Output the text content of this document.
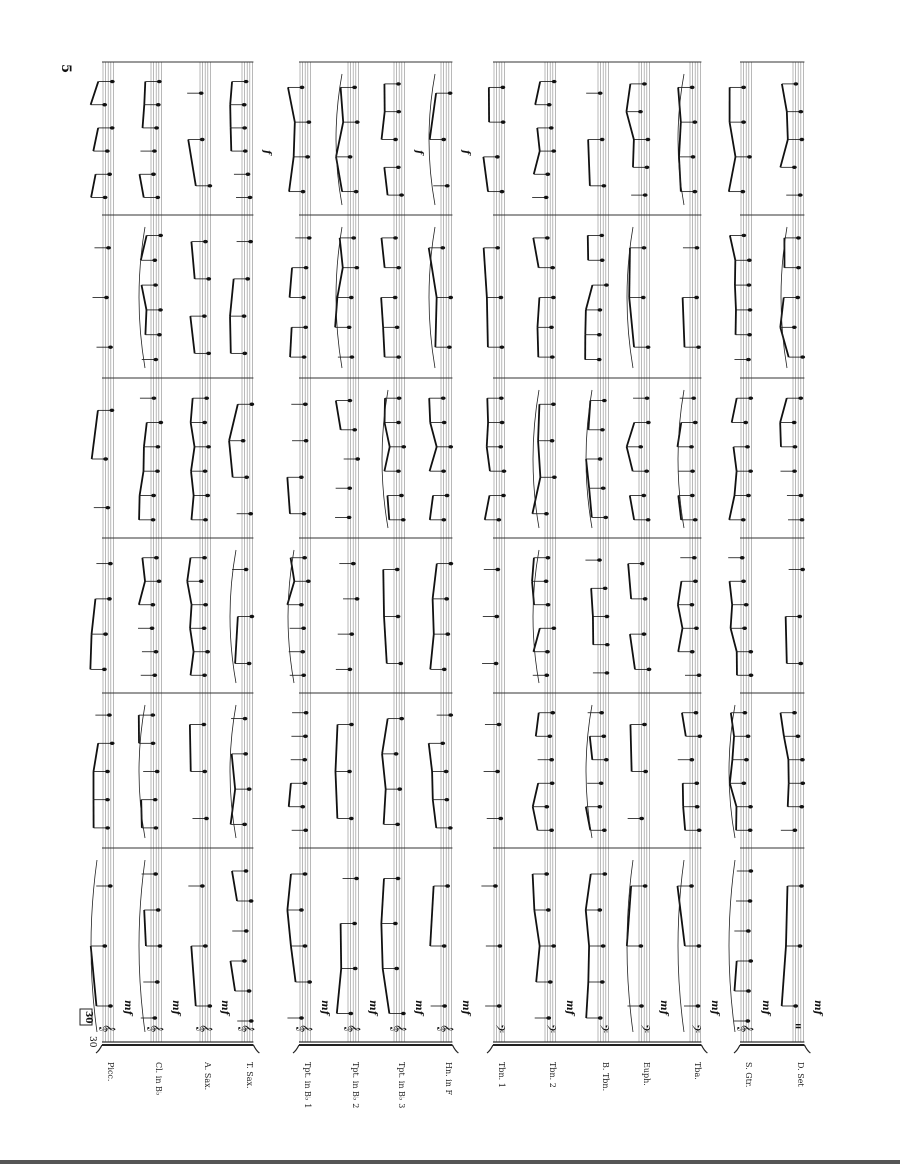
5
30
30
𝄞 𝄞 𝄞 𝄞	𝄞 𝄞 𝄞 𝄞	𝄢	𝄢	𝄢 𝄢	𝄢	𝄞	𝄥
mf	mf	mf	mf	mf	mf	mf	mf	mf	mf	mf	mf
f	f	f
Picc.	Cl. in B♭	A. Sax.	T. Sax.	Tpt. in B♭ 1	Tpt. in B♭ 2	Tpt. in B♭ 3	Hn. in F	Tbn. 1	Tbn. 2	B. Tbn.	Euph.	Tba.	S. Gtr.	D. Set
